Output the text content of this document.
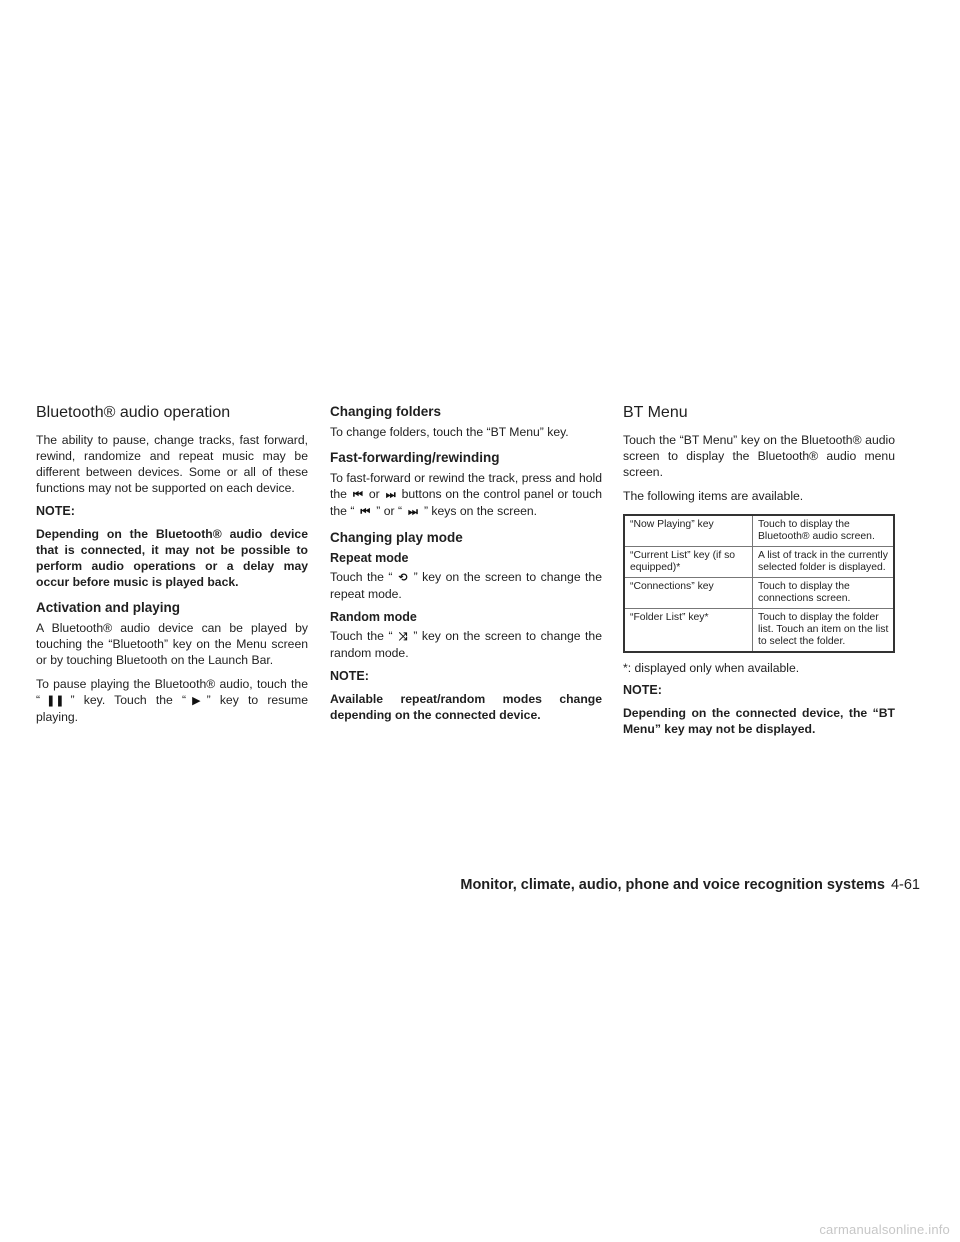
Bluetooth® audio operation

The ability to pause, change tracks, fast forward, rewind, randomize and repeat music may be different between devices. Some or all of these functions may not be supported on each device.

NOTE:

Depending on the Bluetooth® audio device that is connected, it may not be possible to perform audio operations or a delay may occur before music is played back.

Activation and playing

A Bluetooth® audio device can be played by touching the “Bluetooth” key on the Menu screen or by touching Bluetooth on the Launch Bar.

To pause playing the Bluetooth® audio, touch the “ ❚❚ ” key. Touch the “ ▶ ” key to resume playing.

Changing folders

To change folders, touch the “BT Menu” key.

Fast-forwarding/rewinding

To fast-forward or rewind the track, press and hold the ⏮ or ⏭ buttons on the control panel or touch the “ ⏮ ” or “ ⏭ ” keys on the screen.

Changing play mode
Repeat mode

Touch the “ ⟲ ” key on the screen to change the repeat mode.

Random mode

Touch the “ ⤨ ” key on the screen to change the random mode.

NOTE:

Available repeat/random modes change depending on the connected device.

BT Menu

Touch the “BT Menu” key on the Bluetooth® audio screen to display the Bluetooth® audio menu screen.

The following items are available.

“Now Playing” key	Touch to display the Bluetooth® audio screen.
“Current List” key (if so equipped)*	A list of track in the currently selected folder is displayed.
“Connections” key	Touch to display the connections screen.
“Folder List” key*	Touch to display the folder list. Touch an item on the list to select the folder.

*: displayed only when available.

NOTE:

Depending on the connected device, the “BT Menu” key may not be displayed.

Monitor, climate, audio, phone and voice recognition systems 4-61
carmanualsonline.info
